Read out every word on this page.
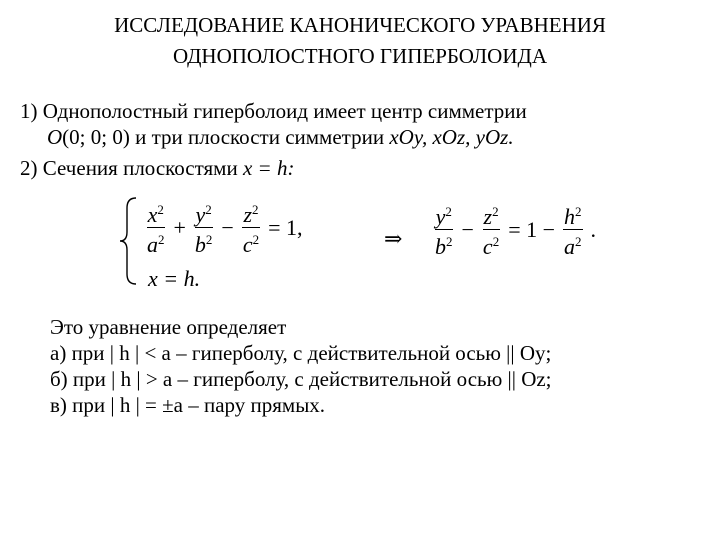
ИССЛЕДОВАНИЕ КАНОНИЧЕСКОГО УРАВНЕНИЯ
ОДНОПОЛОСТНОГО ГИПЕРБОЛОИДА
1) Однополостный гиперболоид имеет центр симметрии
O(0; 0; 0) и три плоскости симметрии xOy, xOz, yOz.
2) Сечения плоскостями x = h:
$\frac{x^2}{a^2} + \frac{y^2}{b^2} - \frac{z^2}{c^2} = 1$,
x = h.
⇒ $\frac{y^2}{b^2} - \frac{z^2}{c^2} = 1 - \frac{h^2}{a^2}$ .
Это уравнение определяет
а) при | h | < a – гиперболу, с действительной осью || Oy;
б) при | h | > a – гиперболу, с действительной осью || Oz;
в) при | h | = ±a – пару прямых.
